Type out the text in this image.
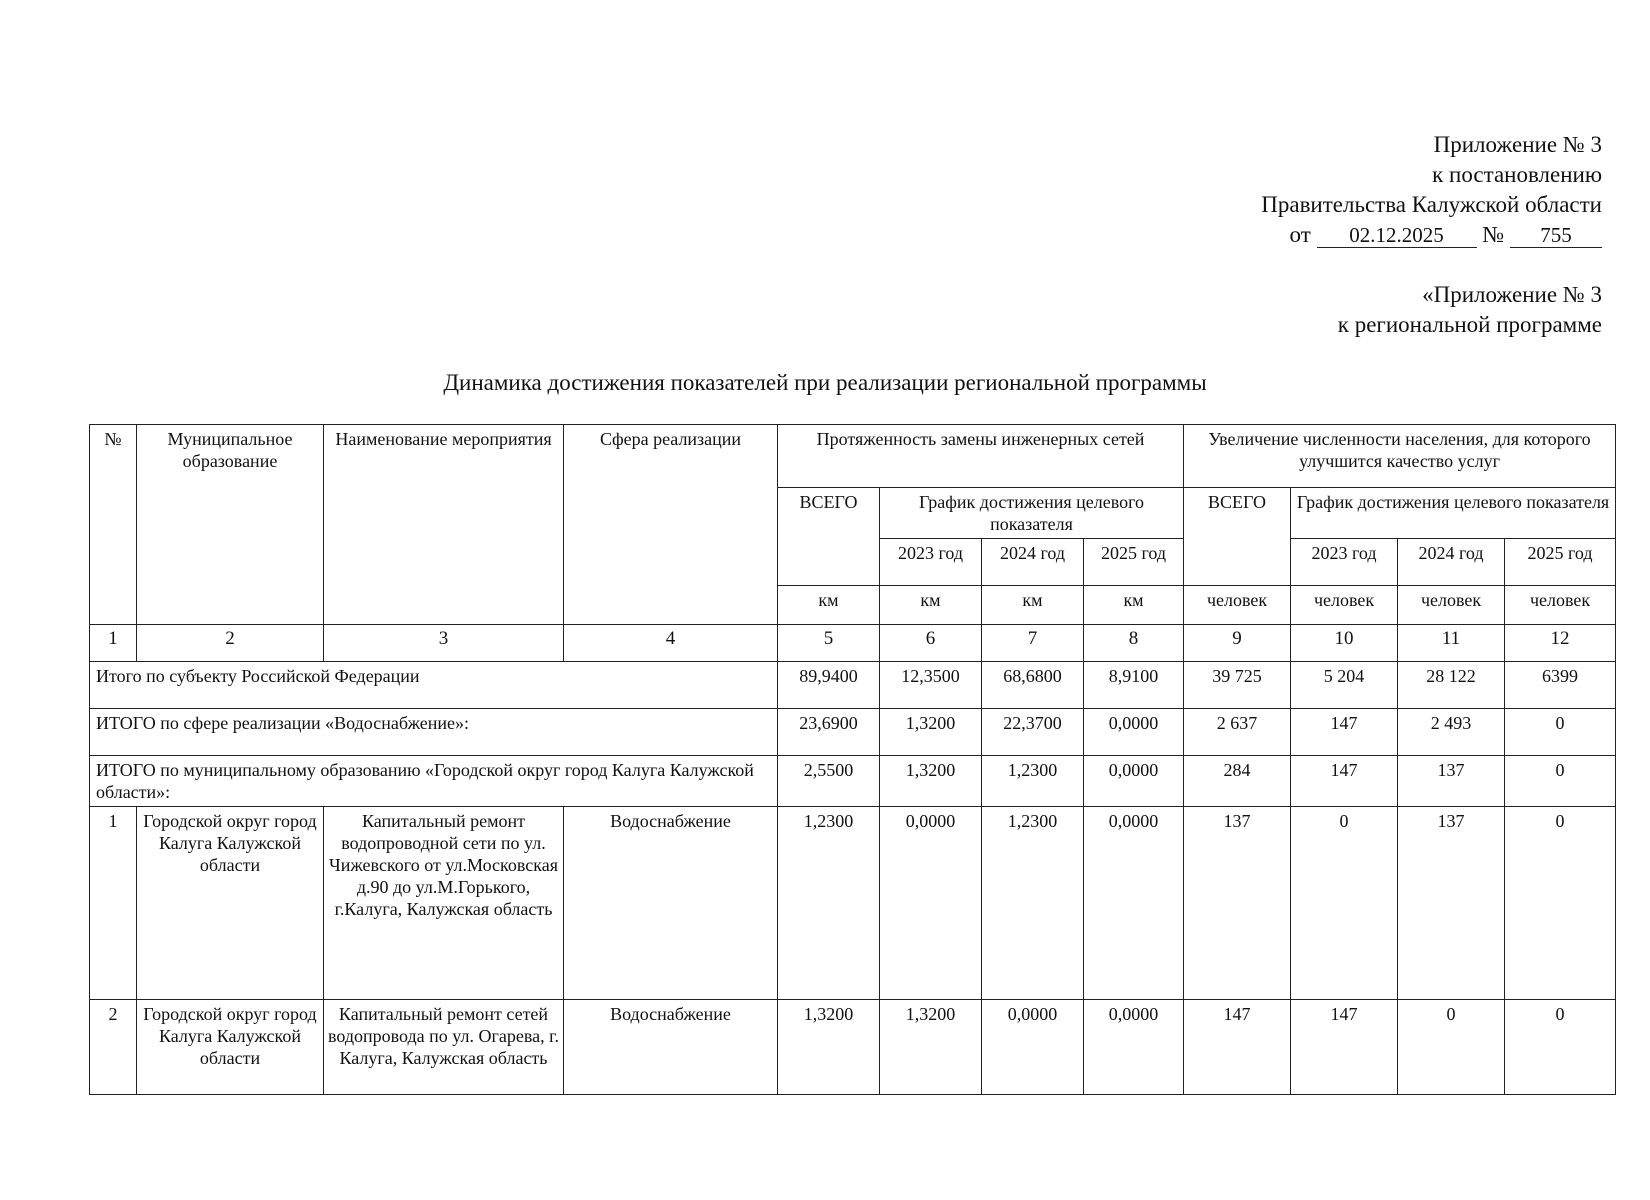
Приложение № 3
к постановлению
Правительства Калужской области
от 02.12.2025 № 755
«Приложение № 3
к региональной программе
Динамика достижения показателей при реализации региональной программы
№	Муниципальное образование	Наименование мероприятия	Сфера реализации	Протяженность замены инженерных сетей				Увеличение численности населения, для которого улучшится качество услуг			
				ВСЕГО	График достижения целевого показателя			ВСЕГО	График достижения целевого показателя		
					2023 год	2024 год	2025 год		2023 год	2024 год	2025 год
				км	км	км	км	человек	человек	человек	человек
1	2	3	4	5	6	7	8	9	10	11	12
Итого по субъекту Российской Федерации				89,9400	12,3500	68,6800	8,9100	39 725	5 204	28 122	6399
ИТОГО по сфере реализации «Водоснабжение»:				23,6900	1,3200	22,3700	0,0000	2 637	147	2 493	0
ИТОГО по муниципальному образованию «Городской округ город Калуга Калужской области»:				2,5500	1,3200	1,2300	0,0000	284	147	137	0
1	Городской округ город Калуга Калужской области	Капитальный ремонт водопроводной сети по ул. Чижевского от ул.Московская д.90 до ул.М.Горького, г.Калуга, Калужская область	Водоснабжение	1,2300	0,0000	1,2300	0,0000	137	0	137	0
2	Городской округ город Калуга Калужской области	Капитальный ремонт сетей водопровода по ул. Огарева, г. Калуга, Калужская область	Водоснабжение	1,3200	1,3200	0,0000	0,0000	147	147	0	0
